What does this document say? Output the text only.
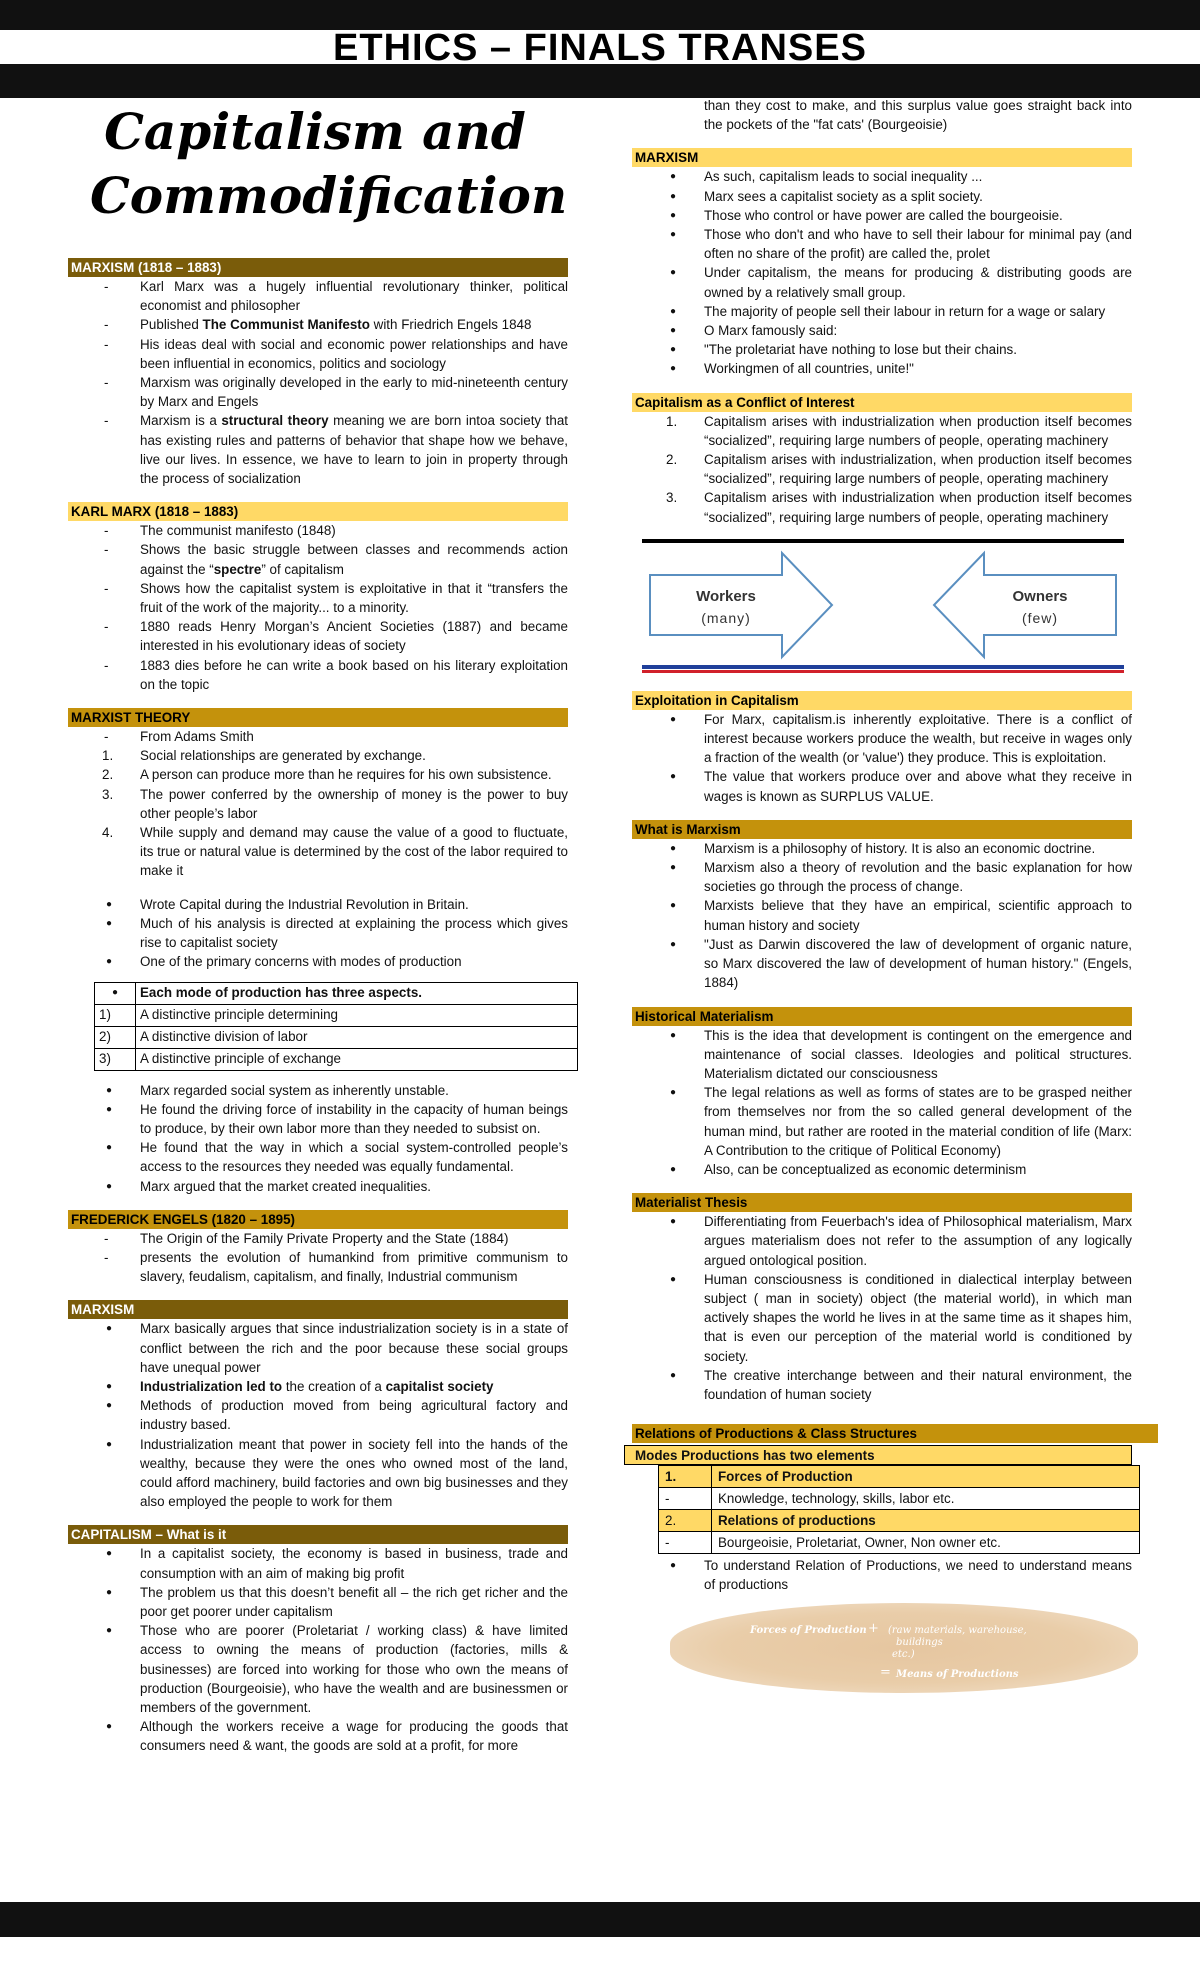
ETHICS – FINALS TRANSES
Capitalism and
Commodification
MARXISM (1818 – 1883)
-	Karl Marx was a hugely influential revolutionary thinker, political economist and philosopher
-	Published The Communist Manifesto with Friedrich Engels 1848
-	His ideas deal with social and economic power relationships and have been influential in economics, politics and sociology
-	Marxism was originally developed in the early to mid-nineteenth century by Marx and Engels
-	Marxism is a structural theory meaning we are born intoa society that has existing rules and patterns of behavior that shape how we behave, live our lives. In essence, we have to learn to join in property through the process of socialization
KARL MARX (1818 – 1883)
-	The communist manifesto (1848)
-	Shows the basic struggle between classes and recommends action against the “spectre” of capitalism
-	Shows how the capitalist system is exploitative in that it “transfers the fruit of the work of the majority... to a minority.
-	1880 reads Henry Morgan’s Ancient Societies (1887) and became interested in his evolutionary ideas of society
-	1883 dies before he can write a book based on his literary exploitation on the topic
MARXIST THEORY
-	From Adams Smith
1.	Social relationships are generated by exchange.
2.	A person can produce more than he requires for his own subsistence.
3.	The power conferred by the ownership of money is the power to buy other people’s labor
4.	While supply and demand may cause the value of a good to fluctuate, its true or natural value is determined by the cost of the labor required to make it
●	Wrote Capital during the Industrial Revolution in Britain.
●	Much of his analysis is directed at explaining the process which gives rise to capitalist society
●	One of the primary concerns with modes of production
●	Each mode of production has three aspects.
1)	A distinctive principle determining
2)	A distinctive division of labor
3)	A distinctive principle of exchange
●	Marx regarded social system as inherently unstable.
●	He found the driving force of instability in the capacity of human beings to produce, by their own labor more than they needed to subsist on.
●	He found that the way in which a social system-controlled people’s access to the resources they needed was equally fundamental.
●	Marx argued that the market created inequalities.
FREDERICK ENGELS (1820 – 1895)
-	The Origin of the Family Private Property and the State (1884)
-	presents the evolution of humankind from primitive communism to slavery, feudalism, capitalism, and finally, Industrial communism
MARXISM
●	Marx basically argues that since industrialization society is in a state of conflict between the rich and the poor because these social groups have unequal power
●	Industrialization led to the creation of a capitalist society
●	Methods of production moved from being agricultural factory and industry based.
●	Industrialization meant that power in society fell into the hands of the wealthy, because they were the ones who owned most of the land, could afford machinery, build factories and own big businesses and they also employed the people to work for them
CAPITALISM – What is it
●	In a capitalist society, the economy is based in business, trade and consumption with an aim of making big profit
●	The problem us that this doesn’t benefit all – the rich get richer and the poor get poorer under capitalism
●	Those who are poorer (Proletariat / working class) & have limited access to owning the means of production (factories, mills & businesses) are forced into working for those who own the means of production (Bourgeoisie), who have the wealth and are businessmen or members of the government.
●	Although the workers receive a wage for producing the goods that consumers need & want, the goods are sold at a profit, for more
than they cost to make, and this surplus value goes straight back into the pockets of the "fat cats' (Bourgeoisie)
MARXISM
●	As such, capitalism leads to social inequality ...
●	Marx sees a capitalist society as a split society.
●	Those who control or have power are called the bourgeoisie.
●	Those who don't and who have to sell their labour for minimal pay (and often no share of the profit) are called the, prolet
●	Under capitalism, the means for producing & distributing goods are owned by a relatively small group.
●	The majority of people sell their labour in return for a wage or salary
●	O Marx famously said:
●	"The proletariat have nothing to lose but their chains.
●	Workingmen of all countries, unite!"
Capitalism as a Conflict of Interest
1.	Capitalism arises with industrialization when production itself becomes “socialized”, requiring large numbers of people, operating machinery
2.	Capitalism arises with industrialization, when production itself becomes “socialized”, requiring large numbers of people, operating machinery
3.	Capitalism arises with industrialization when production itself becomes “socialized”, requiring large numbers of people, operating machinery
Workers
(many)
Owners
(few)
Exploitation in Capitalism
●	For Marx, capitalism.is inherently exploitative. There is a conflict of interest because workers produce the wealth, but receive in wages only a fraction of the wealth (or 'value') they produce. This is exploitation.
●	The value that workers produce over and above what they receive in wages is known as SURPLUS VALUE.
What is Marxism
●	Marxism is a philosophy of history. It is also an economic doctrine.
●	Marxism also a theory of revolution and the basic explanation for how societies go through the process of change.
●	Marxists believe that they have an empirical, scientific approach to human history and society
●	"Just as Darwin discovered the law of development of organic nature, so Marx discovered the law of development of human history." (Engels, 1884)
Historical Materialism
●	This is the idea that development is contingent on the emergence and maintenance of social classes. Ideologies and political structures. Materialism dictated our consciousness
●	The legal relations as well as forms of states are to be grasped neither from themselves nor from the so called general development of the human mind, but rather are rooted in the material condition of life (Marx: A Contribution to the critique of Political Economy)
●	Also, can be conceptualized as economic determinism
Materialist Thesis
●	Differentiating from Feuerbach's idea of Philosophical materialism, Marx argues materialism does not refer to the assumption of any logically argued ontological position.
●	Human consciousness is conditioned in dialectical interplay between subject ( man in society) object (the material world), in which man actively shapes the world he lives in at the same time as it shapes him, that is even our perception of the material world is conditioned by society.
●	The creative interchange between and their natural environment, the foundation of human society
Relations of Productions & Class Structures
Modes Productions has two elements
1.	Forces of Production
-	Knowledge, technology, skills, labor etc.
2.	Relations of productions
-	Bourgeoisie, Proletariat, Owner, Non owner etc.
●	To understand Relation of Productions, we need to understand means of productions
Forces of Production + (raw materials, warehouse,
buildings
etc.)
= Means of Productions
